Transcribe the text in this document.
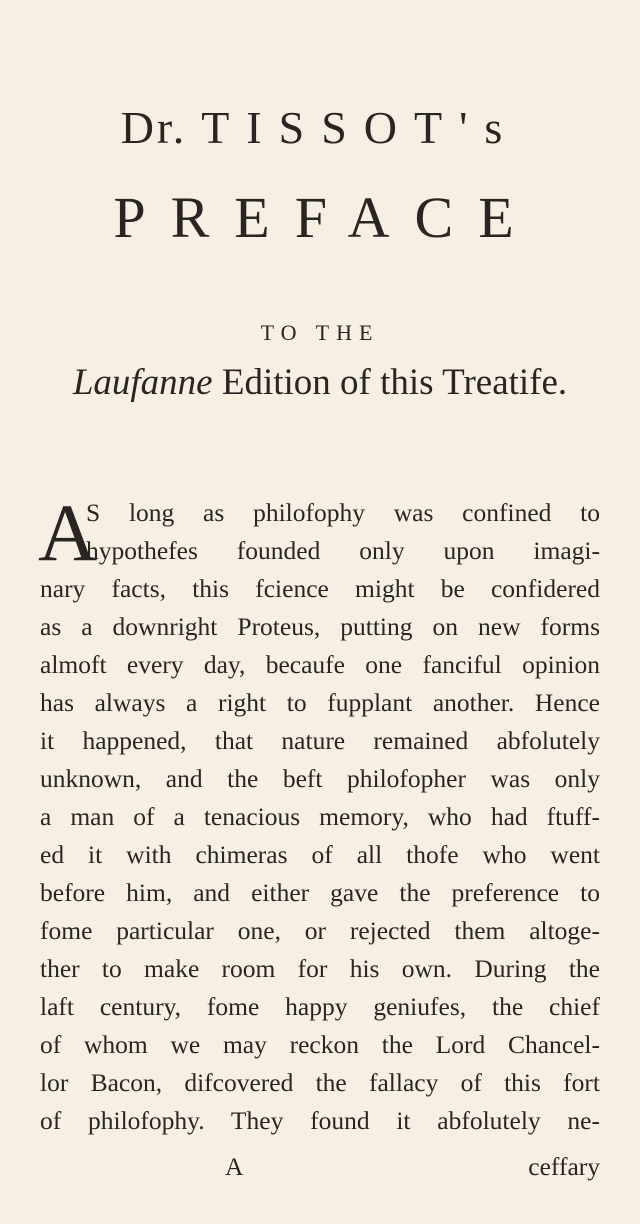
Dr. TISSOT's
PREFACE
TO THE
Laufanne Edition of this Treatife.
A
S long as philofophy was confined to
hypothefes founded only upon imagi-
nary facts, this fcience might be confidered
as a downright Proteus, putting on new forms
almoft every day, becaufe one fanciful opinion
has always a right to fupplant another. Hence
it happened, that nature remained abfolutely
unknown, and the beft philofopher was only
a man of a tenacious memory, who had ftuff-
ed it with chimeras of all thofe who went
before him, and either gave the preference to
fome particular one, or rejected them altoge-
ther to make room for his own. During the
laft century, fome happy geniufes, the chief
of whom we may reckon the Lord Chancel-
lor Bacon, difcovered the fallacy of this fort
of philofophy. They found it abfolutely ne-
A	ceffary
